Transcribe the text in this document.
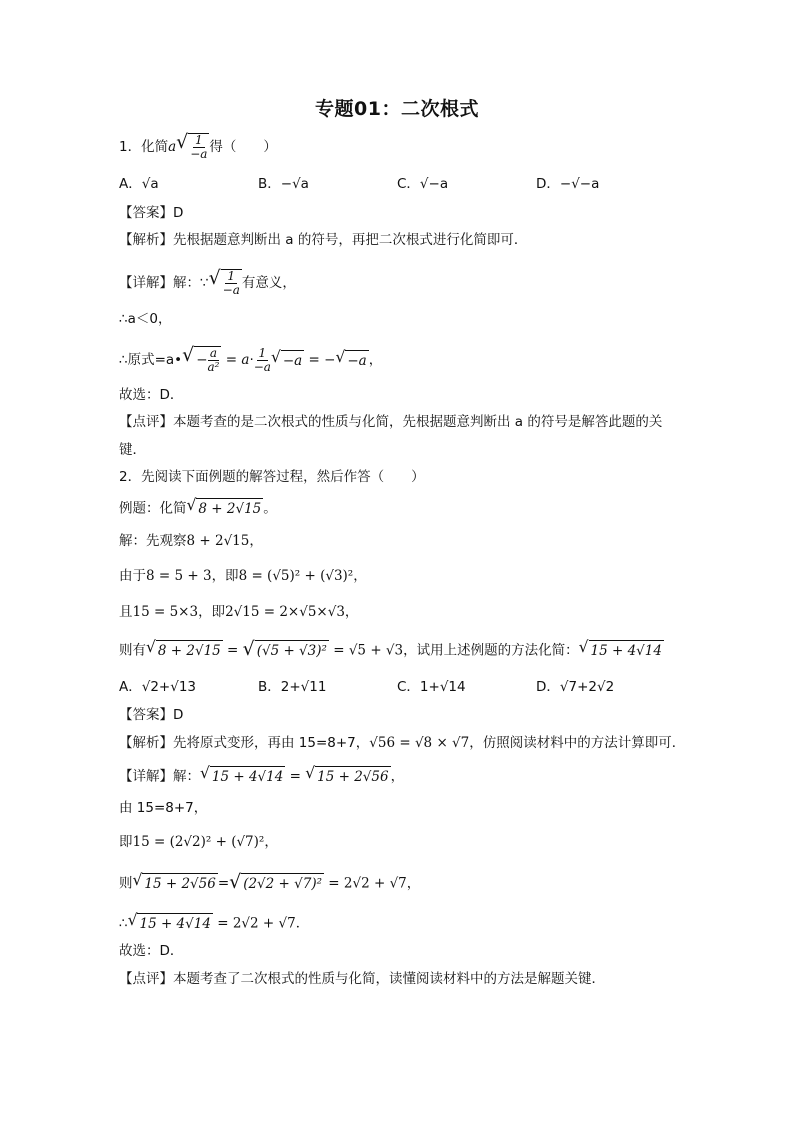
专题01：二次根式
1．化简a √ $\frac{1}{-a}$ 得（　　）
A．√a	B．−√a	C．√−a	D．−√−a
【答案】D
【解析】先根据题意判断出 a 的符号，再把二次根式进行化简即可．
【详解】解：∵ √ $\frac{1}{-a}$ 有意义，
∴a＜0，
∴原式=a• √ − $\frac{a}{\text{a²}} = a\cdot \frac{1}{-a}$ √ −a = − √ −a ，
故选：D．
【点评】本题考查的是二次根式的性质与化简，先根据题意判断出 a 的符号是解答此题的关
键．
2．先阅读下面例题的解答过程，然后作答（　　）
例题：化简 √ 8 + 2√15 。
解：先观察8 + 2√15，
由于8 = 5 + 3，即8 = (√5)² + (√3)²，
且15 = 5×3，即2√15 = 2×√5×√3，
则有 √ 8 + 2√15 = √ (√5 + √3)² = √5 + √3，试用上述例题的方法化简： √ 15 + 4√14
A．√2+√13	B．2+√11	C．1+√14	D．√7+2√2
【答案】D
【解析】先将原式变形，再由 15=8+7，√56 = √8 × √7，仿照阅读材料中的方法计算即可．
【详解】解： √ 15 + 4√14 = √ 15 + 2√56 ，
由 15=8+7，
即15 = (2√2)² + (√7)²，
则 √ 15 + 2√56 = √ (2√2 + √7)² = 2√2 + √7，
∴ √ 15 + 4√14 = 2√2 + √7．
故选：D．
【点评】本题考查了二次根式的性质与化简，读懂阅读材料中的方法是解题关键．
